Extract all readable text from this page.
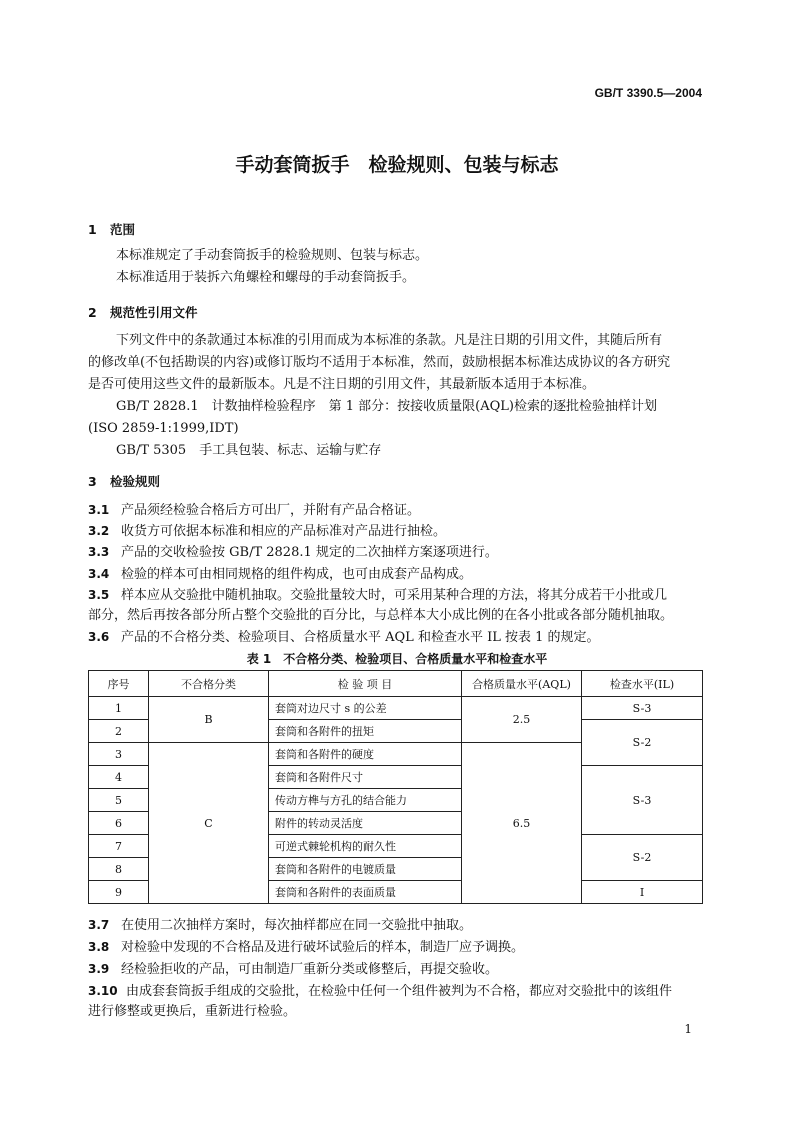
GB/T 3390.5—2004
手动套筒扳手　检验规则、包装与标志
1 范围
本标准规定了手动套筒扳手的检验规则、包装与标志。
本标准适用于装拆六角螺栓和螺母的手动套筒扳手。
2 规范性引用文件
下列文件中的条款通过本标准的引用而成为本标准的条款。凡是注日期的引用文件，其随后所有
的修改单(不包括勘误的内容)或修订版均不适用于本标准，然而，鼓励根据本标准达成协议的各方研究
是否可使用这些文件的最新版本。凡是不注日期的引用文件，其最新版本适用于本标准。
GB/T 2828.1　计数抽样检验程序　第 1 部分：按接收质量限(AQL)检索的逐批检验抽样计划
(ISO 2859-1:1999,IDT)
GB/T 5305　手工具包装、标志、运输与贮存
3 检验规则
3.1 产品须经检验合格后方可出厂，并附有产品合格证。
3.2 收货方可依据本标准和相应的产品标准对产品进行抽检。
3.3 产品的交收检验按 GB/T 2828.1 规定的二次抽样方案逐项进行。
3.4 检验的样本可由相同规格的组件构成，也可由成套产品构成。
3.5 样本应从交验批中随机抽取。交验批量较大时，可采用某种合理的方法，将其分成若干小批或几
部分，然后再按各部分所占整个交验批的百分比，与总样本大小成比例的在各小批或各部分随机抽取。
3.6 产品的不合格分类、检验项目、合格质量水平 AQL 和检查水平 IL 按表 1 的规定。
表 1　不合格分类、检验项目、合格质量水平和检查水平
序号	不合格分类	检 验 项 目	合格质量水平(AQL)	检查水平(IL)
1	B	套筒对边尺寸 s 的公差	2.5	S-3
2		套筒和各附件的扭矩		S-2
3	C	套筒和各附件的硬度	6.5	
4		套筒和各附件尺寸		S-3
5		传动方榫与方孔的结合能力		
6		附件的转动灵活度		
7		可逆式棘轮机构的耐久性		S-2
8		套筒和各附件的电镀质量		
9		套筒和各附件的表面质量		Ⅰ
3.7 在使用二次抽样方案时，每次抽样都应在同一交验批中抽取。
3.8 对检验中发现的不合格品及进行破坏试验后的样本，制造厂应予调换。
3.9 经检验拒收的产品，可由制造厂重新分类或修整后，再提交验收。
3.10 由成套套筒扳手组成的交验批，在检验中任何一个组件被判为不合格，都应对交验批中的该组件
进行修整或更换后，重新进行检验。
1
